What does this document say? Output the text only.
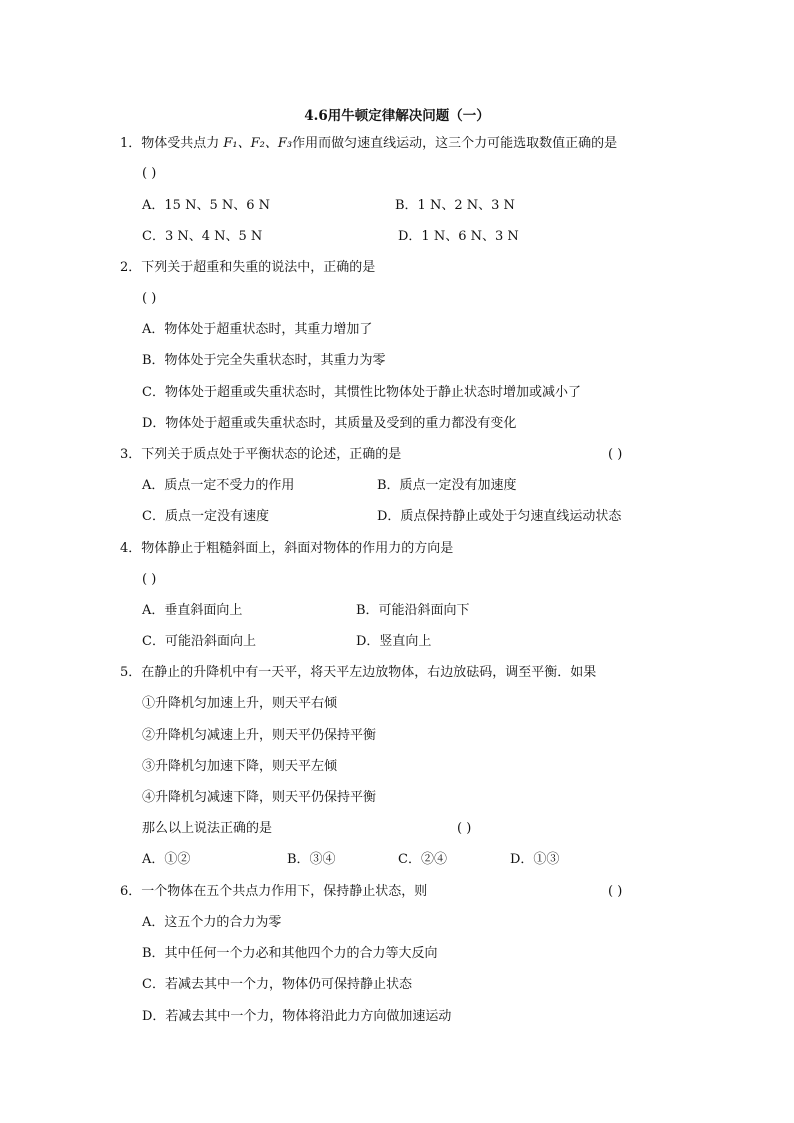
4.6用牛顿定律解决问题（一）
1．物体受共点力 F₁、F₂、F₃作用而做匀速直线运动，这三个力可能选取数值正确的是
( )
A．15 N、5 N、6 N	B．1 N、2 N、3 N
C．3 N、4 N、5 N	D．1 N、6 N、3 N
2．下列关于超重和失重的说法中，正确的是
( )
A．物体处于超重状态时，其重力增加了
B．物体处于完全失重状态时，其重力为零
C．物体处于超重或失重状态时，其惯性比物体处于静止状态时增加或减小了
D．物体处于超重或失重状态时，其质量及受到的重力都没有变化
3．下列关于质点处于平衡状态的论述，正确的是	( )
A．质点一定不受力的作用	B．质点一定没有加速度
C．质点一定没有速度	D．质点保持静止或处于匀速直线运动状态
4．物体静止于粗糙斜面上，斜面对物体的作用力的方向是
( )
A．垂直斜面向上	B．可能沿斜面向下
C．可能沿斜面向上	D．竖直向上
5．在静止的升降机中有一天平，将天平左边放物体，右边放砝码，调至平衡．如果
①升降机匀加速上升，则天平右倾
②升降机匀减速上升，则天平仍保持平衡
③升降机匀加速下降，则天平左倾
④升降机匀减速下降，则天平仍保持平衡
那么以上说法正确的是	( )
A．①②	B．③④	C．②④	D．①③
6．一个物体在五个共点力作用下，保持静止状态，则	( )
A．这五个力的合力为零
B．其中任何一个力必和其他四个力的合力等大反向
C．若减去其中一个力，物体仍可保持静止状态
D．若减去其中一个力，物体将沿此力方向做加速运动
